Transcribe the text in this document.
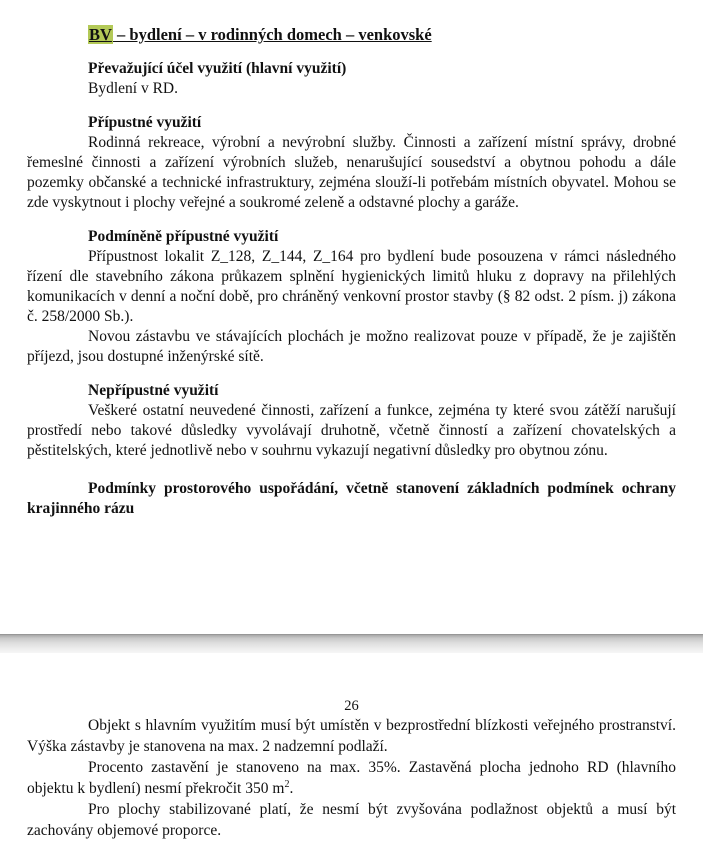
BV – bydlení – v rodinných domech – venkovské
Převažující účel využití (hlavní využití)

Bydlení v RD.

Přípustné využití

Rodinná rekreace, výrobní a nevýrobní služby. Činnosti a zařízení místní správy, drobné řemeslné činnosti a zařízení výrobních služeb, nenarušující sousedství a obytnou pohodu a dále pozemky občanské a technické infrastruktury, zejména slouží-li potřebám místních obyvatel. Mohou se zde vyskytnout i plochy veřejné a soukromé zeleně a odstavné plochy a garáže.

Podmíněně přípustné využití

Přípustnost lokalit Z_128, Z_144, Z_164 pro bydlení bude posouzena v rámci následného řízení dle stavebního zákona průkazem splnění hygienických limitů hluku z dopravy na přilehlých komunikacích v denní a noční době, pro chráněný venkovní prostor stavby (§ 82 odst. 2 písm. j) zákona č. 258/2000 Sb.).

Novou zástavbu ve stávajících plochách je možno realizovat pouze v případě, že je zajištěn příjezd, jsou dostupné inženýrské sítě.

Nepřípustné využití

Veškeré ostatní neuvedené činnosti, zařízení a funkce, zejména ty které svou zátěží narušují prostředí nebo takové důsledky vyvolávají druhotně, včetně činností a zařízení chovatelských a pěstitelských, které jednotlivě nebo v souhrnu vykazují negativní důsledky pro obytnou zónu.

Podmínky prostorového uspořádání, včetně stanovení základních podmínek ochrany krajinného rázu
26

Objekt s hlavním využitím musí být umístěn v bezprostřední blízkosti veřejného prostranství. Výška zástavby je stanovena na max. 2 nadzemní podlaží.

Procento zastavění je stanoveno na max. 35%. Zastavěná plocha jednoho RD (hlavního objektu k bydlení) nesmí překročit 350 $m^2$.

Pro plochy stabilizované platí, že nesmí být zvyšována podlažnost objektů a musí být zachovány objemové proporce.
